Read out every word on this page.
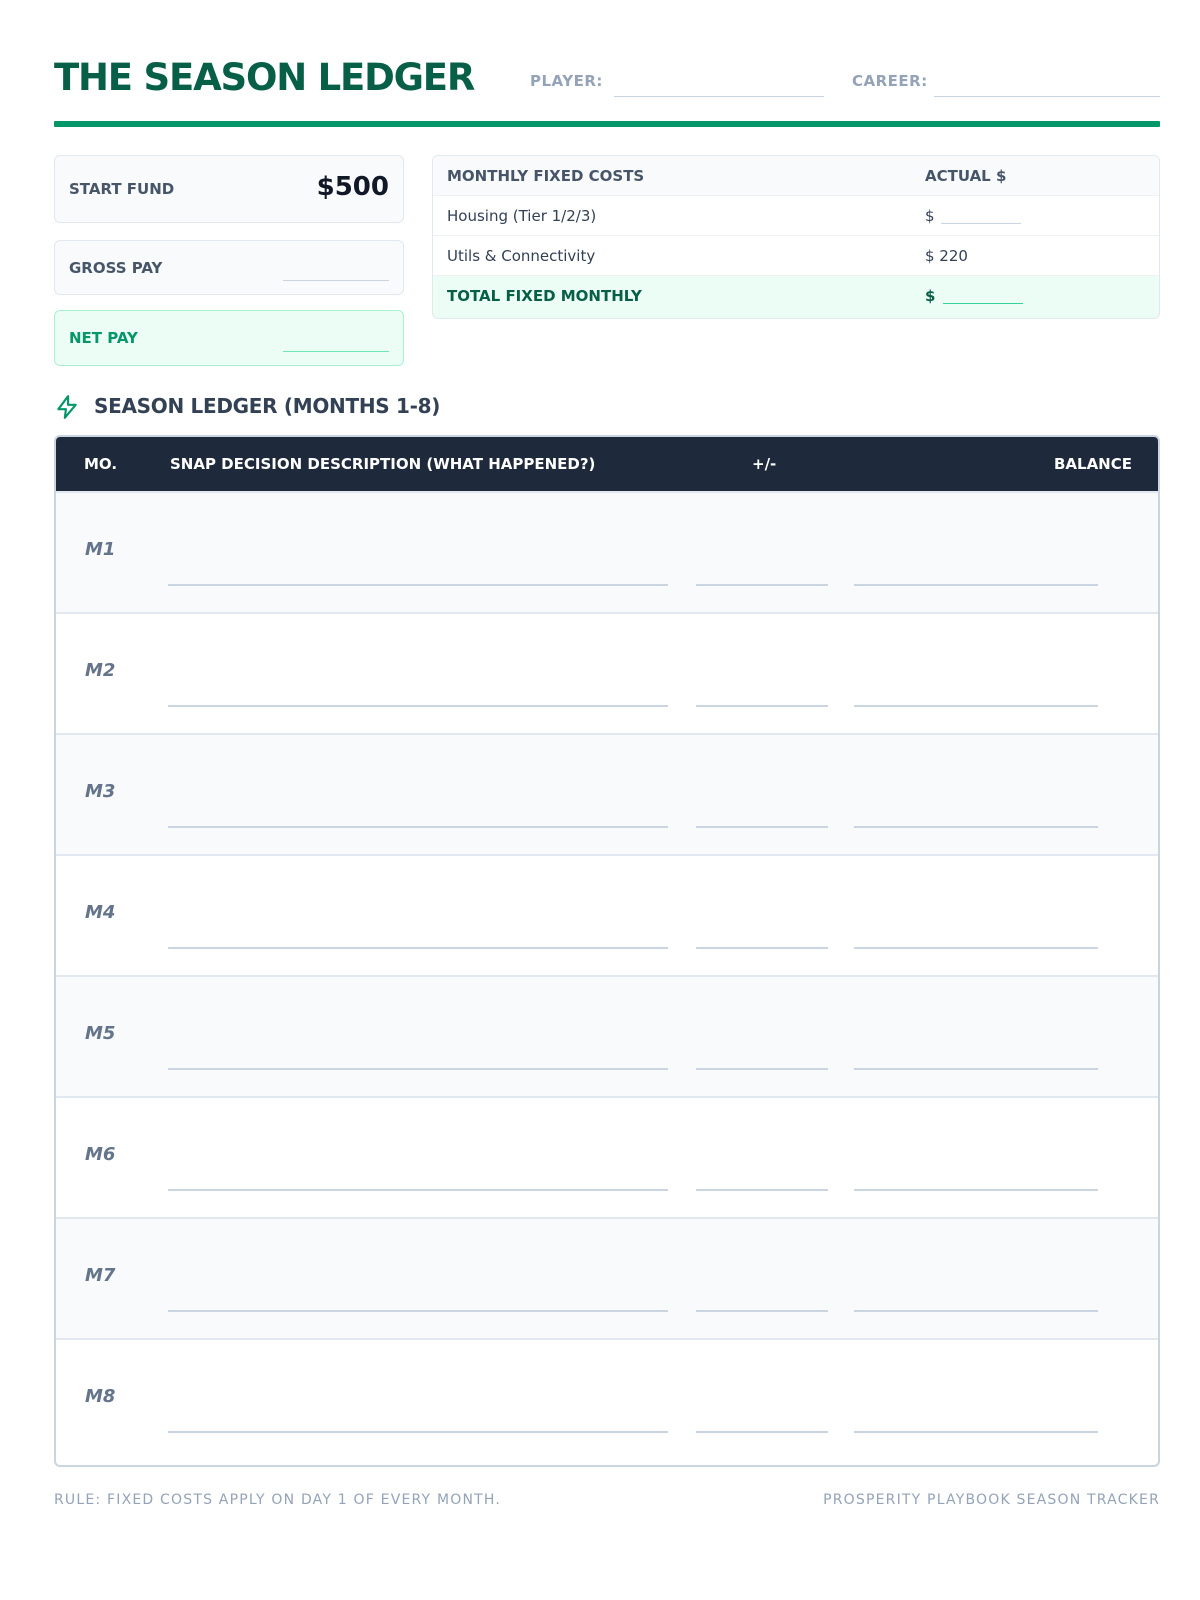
THE SEASON LEDGER	PLAYER:	CAREER:
START FUND	$500
GROSS PAY
NET PAY
MONTHLY FIXED COSTS	ACTUAL $
Housing (Tier 1/2/3)	$
Utils & Connectivity	$ 220
TOTAL FIXED MONTHLY	$
SEASON LEDGER (MONTHS 1-8)
MO.	SNAP DECISION DESCRIPTION (WHAT HAPPENED?)	+/-	BALANCE
M1
M2
M3
M4
M5
M6
M7
M8
RULE: FIXED COSTS APPLY ON DAY 1 OF EVERY MONTH.	PROSPERITY PLAYBOOK SEASON TRACKER
